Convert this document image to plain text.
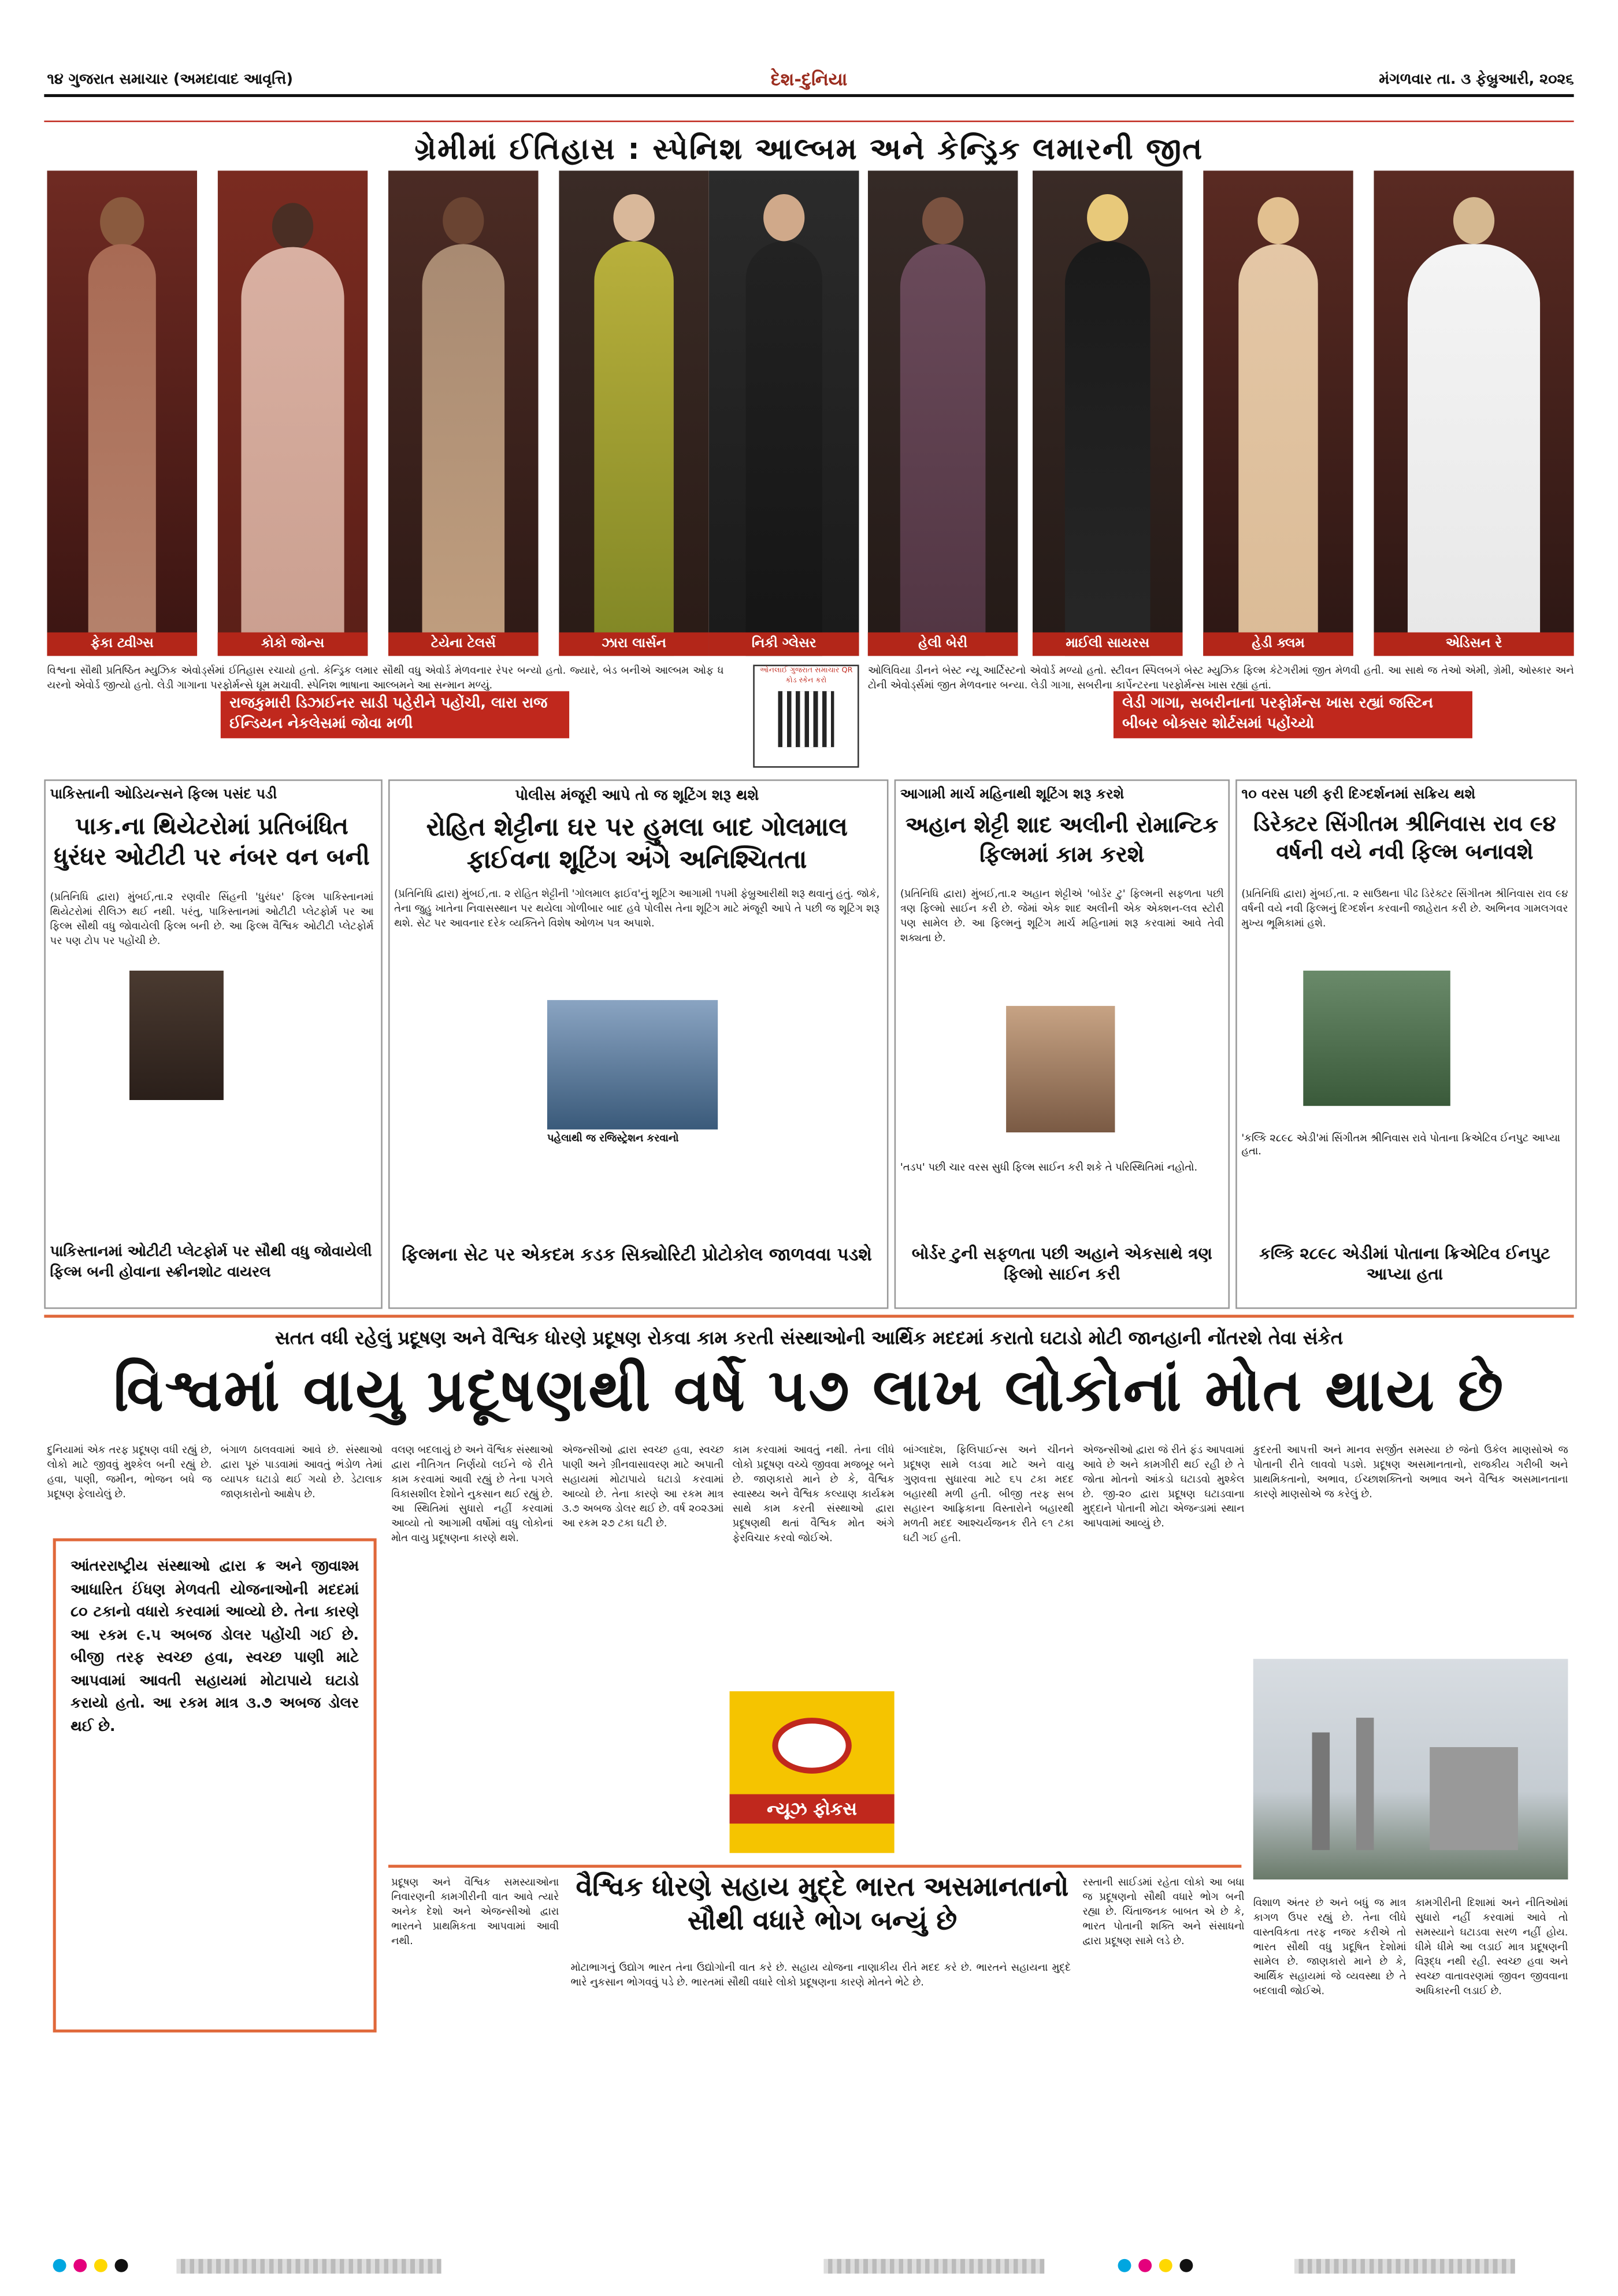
૧૪ ગુજરાત સમાચાર (અમદાવાદ આવૃત્તિ)	દેશ-દુનિયા	મંગળવાર તા. ૩ ફેબ્રુઆરી, ૨૦૨૬
ગ્રેમીમાં ઈતિહાસ : સ્પેનિશ આલ્બમ અને કેન્ડ્રિક લમારની જીત
ફેકા ટ્વીગ્સ	કોકો જોન્સ	ટેયેના ટેલર્સ	ઝારા લાર્સન	નિકી ગ્લેસર	હેલી બેરી	માઈલી સાયરસ	હેડી ક્લમ	એડિસન રે
વિશ્વના સૌથી પ્રતિષ્ઠિત મ્યુઝિક એવોર્ડ્સમાં ઈતિહાસ રચાયો હતો. કેન્ડ્રિક લમાર સૌથી વધુ એવોર્ડ મેળવનાર રેપર બન્યો હતો. જ્યારે, બેડ બનીએ આલ્બમ ઓફ ધ યરનો એવોર્ડ જીત્યો હતો. લેડી ગાગાના પરફોર્મન્સે ધૂમ મચાવી. સ્પેનિશ ભાષાના આલ્બમને આ સન્માન મળ્યું.
રાજકુમારી ડિઝાઈનર સાડી પહેરીને પહોંચી, લારા રાજ ઈન્ડિયન નેકલેસમાં જોવા મળી
ઓનલાઈ ગુજરાત સમાચાર QR કોડ સ્કેન કરો
ઓલિવિયા ડીનને બેસ્ટ ન્યૂ આર્ટિસ્ટનો એવોર્ડ મળ્યો હતો. સ્ટીવન સ્પિલબર્ગે બેસ્ટ મ્યુઝિક ફિલ્મ કેટેગરીમાં જીત મેળવી હતી. આ સાથે જ તેઓ એમી, ગ્રેમી, ઓસ્કાર અને ટોની એવોર્ડ્સમાં જીત મેળવનાર બન્યા. લેડી ગાગા, સબરીના કાર્પેન્ટરના પરફોર્મન્સ ખાસ રહ્યાં હતાં.
લેડી ગાગા, સબરીનાના પરફોર્મન્સ ખાસ રહ્યાં જસ્ટિન બીબર બોક્સર શોર્ટસમાં પહોંચ્યો
પાકિસ્તાની ઓડિયન્સને ફિલ્મ પસંદ પડી
પાક.ના થિયેટરોમાં પ્રતિબંધિત ધુરંધર ઓટીટી પર નંબર વન બની
(પ્રતિનિધિ દ્વારા) મુંબઈ,તા.૨ રણવીર સિંહની 'ધુરંધર' ફિલ્મ પાકિસ્તાનમાં થિયેટરોમાં રીલિઝ થઈ નથી. પરંતુ, પાકિસ્તાનમાં ઓટીટી પ્લેટફોર્મ પર આ ફિલ્મ સૌથી વધુ જોવાયેલી ફિલ્મ બની છે. આ ફિલ્મ વૈશ્વિક ઓટીટી પ્લેટફોર્મ પર પણ ટોપ પર પહોંચી છે.
પાકિસ્તાનમાં ઓટીટી પ્લેટફોર્મ પર સૌથી વધુ જોવાયેલી ફિલ્મ બની હોવાના સ્ક્રીનશોટ વાયરલ
પોલીસ મંજૂરી આપે તો જ શૂટિંગ શરૂ થશે
રોહિત શેટ્ટીના ઘર પર હુમલા બાદ ગોલમાલ ફાઈવના શૂટિંગ અંગે અનિશ્ચિતતા
(પ્રતિનિધિ દ્વારા) મુંબઈ,તા. ૨ રોહિત શેટ્ટીની 'ગોલમાલ ફાઈવ'નું શૂટિંગ આગામી ૧૫મી ફેબ્રુઆરીથી શરૂ થવાનું હતું. જોકે, તેના જુહુ ખાતેના નિવાસસ્થાન પર થયેલા ગોળીબાર બાદ હવે પોલીસ તેના શૂટિંગ માટે મંજૂરી આપે તે પછી જ શૂટિંગ શરૂ થશે. સેટ પર આવનાર દરેક વ્યક્તિને વિશેષ ઓળખ પત્ર અપાશે.
પહેલાથી જ રજિસ્ટ્રેશન કરવાનો
ફિલ્મના સેટ પર એકદમ કડક સિક્યોરિટી પ્રોટોકોલ જાળવવા પડશે
આગામી માર્ચ મહિનાથી શૂટિંગ શરૂ કરશે
અહાન શેટ્ટી શાદ અલીની રોમાન્ટિક ફિલ્મમાં કામ કરશે
(પ્રતિનિધિ દ્વારા) મુંબઈ,તા.૨ અહાન શેટ્ટીએ 'બોર્ડર ટુ' ફિલ્મની સફળતા પછી ત્રણ ફિલ્મો સાઈન કરી છે. જેમાં એક શાદ અલીની એક એક્શન-લવ સ્ટોરી પણ સામેલ છે. આ ફિલ્મનું શૂટિંગ માર્ચ મહિનામાં શરૂ કરવામાં આવે તેવી શક્યતા છે.
'તડપ' પછી ચાર વરસ સુધી ફિલ્મ સાઈન કરી શકે તે પરિસ્થિતિમાં નહોતો.
બોર્ડર ટુની સફળતા પછી અહાને એકસાથે ત્રણ ફિલ્મો સાઈન કરી
૧૦ વરસ પછી ફરી દિગ્દર્શનમાં સક્રિય થશે
ડિરેક્ટર સિંગીતમ શ્રીનિવાસ રાવ ૯૪ વર્ષની વયે નવી ફિલ્મ બનાવશે
(પ્રતિનિધિ દ્વારા) મુંબઈ,તા. ૨ સાઉથના પીઢ ડિરેક્ટર સિંગીતમ શ્રીનિવાસ રાવ ૯૪ વર્ષની વયે નવી ફિલ્મનું દિગ્દર્શન કરવાની જાહેરાત કરી છે. અભિનવ ગામલગવર મુખ્ય ભૂમિકામાં હશે.
'કલ્કિ ૨૮૯૮ એડી'માં સિંગીતમ શ્રીનિવાસ રાવે પોતાના ક્રિએટિવ ઈનપુટ આપ્યા હતા.
કલ્કિ ૨૮૯૮ એડીમાં પોતાના ક્રિએટિવ ઈનપુટ આપ્યા હતા
સતત વધી રહેલું પ્રદૂષણ અને વૈશ્વિક ધોરણે પ્રદૂષણ રોકવા કામ કરતી સંસ્થાઓની આર્થિક મદદમાં કરાતો ઘટાડો મોટી જાનહાની નોંતરશે તેવા સંકેત
વિશ્વમાં વાયુ પ્રદૂષણથી વર્ષે ૫૭ લાખ લોકોનાં મોત થાય છે
દુનિયામાં એક તરફ પ્રદૂષણ વધી રહ્યું છે, લોકો માટે જીવવું મુશ્કેલ બની રહ્યું છે. હવા, પાણી, જમીન, ભોજન બધે જ પ્રદૂષણ ફેલાયેલું છે.
બંગાળ ઠાલવવામાં આવે છે. સંસ્થાઓ દ્વારા પૂરું પાડવામાં આવતું ભંડોળ તેમાં વ્યાપક ઘટાડો થઈ ગયો છે. ડેટાલાક જાણકારોનો આક્ષેપ છે.
આંતરરાષ્ટ્રીય સંસ્થાઓ દ્વારા ક્ર અને જીવાશ્મ આધારિત ઈંધણ મેળવતી યોજનાઓની મદદમાં ૮૦ ટકાનો વધારો કરવામાં આવ્યો છે. તેના કારણે આ રકમ ૯.૫ અબજ ડોલર પહોંચી ગઈ છે. બીજી તરફ સ્વચ્છ હવા, સ્વચ્છ પાણી માટે આપવામાં આવતી સહાયમાં મોટાપાયે ઘટાડો કરાયો હતો. આ રકમ માત્ર ૩.૭ અબજ ડોલર થઈ છે.
વલણ બદલાયું છે અને વૈશ્વિક સંસ્થાઓ દ્વારા નીતિગત નિર્ણયો લઈને જે રીતે કામ કરવામાં આવી રહ્યું છે તેના પગલે વિકાસશીલ દેશોને નુકસાન થઈ રહ્યું છે. આ સ્થિતિમાં સુધારો નહીં કરવામાં આવ્યો તો આગામી વર્ષોમાં વધુ લોકોનાં મોત વાયુ પ્રદૂષણના કારણે થશે.
એજન્સીઓ દ્વારા સ્વચ્છ હવા, સ્વચ્છ પાણી અને ગ્રીનવાસાવરણ માટે અપાતી સહાયમાં મોટાપાયે ઘટાડો કરવામાં આવ્યો છે. તેના કારણે આ રકમ માત્ર ૩.૭ અબજ ડોલર થઈ છે. વર્ષ ૨૦૨૩માં આ રકમ ૨૭ ટકા ઘટી છે.
કામ કરવામાં આવતું નથી. તેના લીધે લોકો પ્રદૂષણ વચ્ચે જીવવા મજબૂર બને છે. જાણકારો માને છે કે, વૈશ્વિક સ્વાસ્થ્ય અને વૈશ્વિક કલ્યાણ કાર્યક્રમ સાથે કામ કરતી સંસ્થાઓ દ્વારા પ્રદૂષણથી થતાં વૈશ્વિક મોત અંગે ફેરવિચાર કરવો જોઈએ.
બાંગ્લાદેશ, ફિલિપાઈન્સ અને ચીનને પ્રદૂષણ સામે લડવા માટે અને વાયુ ગુણવત્તા સુધારવા માટે ૬૫ ટકા મદદ બહારથી મળી હતી. બીજી તરફ સબ સહારન આફ્રિકાના વિસ્તારોને બહારથી મળતી મદદ આશ્ચર્યજનક રીતે ૯૧ ટકા ઘટી ગઈ હતી.
એજન્સીઓ દ્વારા જે રીતે ફંડ આપવામાં આવે છે અને કામગીરી થઈ રહી છે તે જોતા મોતનો આંકડો ઘટાડવો મુશ્કેલ છે. જી-૨૦ દ્વારા પ્રદૂષણ ઘટાડવાના મુદ્દાને પોતાની મોટા એજન્ડામાં સ્થાન આપવામાં આવ્યું છે.
કુદરતી આપત્તી અને માનવ સર્જીત સમસ્યા છે જેનો ઉકેલ માણસોએ જ પોતાની રીતે લાવવો પડશે. પ્રદૂષણ અસમાનતાનો, રાજકીય ગરીબી અને પ્રાથમિકતાનો, અભાવ, ઈચ્છાશક્તિનો અભાવ અને વૈશ્વિક અસમાનતાના કારણે માણસોએ જ કરેલું છે.
ન્યૂઝ ફોકસ
વૈશ્વિક ધોરણે સહાય મુદ્દે ભારત અસમાનતાનો સૌથી વધારે ભોગ બન્યું છે
પ્રદૂષણ અને વૈશ્વિક સમસ્યાઓના નિવારણની કામગીરીની વાત આવે ત્યારે અનેક દેશો અને એજન્સીઓ દ્વારા ભારતને પ્રાથમિકતા આપવામાં આવી નથી.
મોટાભાગનું ઉદ્યોગ ભારત તેના ઉદ્યોગોની વાત કરે છે. સહાય યોજના નાણાકીય રીતે મદદ કરે છે. ભારતને સહાયના મુદ્દે ભારે નુકસાન ભોગવવું પડે છે. ભારતમાં સૌથી વધારે લોકો પ્રદૂષણના કારણે મોતને ભેટે છે.
રસ્તાની સાઈડમાં રહેતા લોકો આ બધા જ પ્રદૂષણનો સૌથી વધારે ભોગ બની રહ્યા છે. ચિંતાજનક બાબત એ છે કે, ભારત પોતાની શક્તિ અને સંસાધનો દ્વારા પ્રદૂષણ સામે લડે છે.
વિશાળ અંતર છે અને બધું જ માત્ર કાગળ ઉપર રહ્યું છે. તેના લીધે વાસ્તવિકતા તરફ નજર કરીએ તો ભારત સૌથી વધુ પ્રદૂષિત દેશોમાં સામેલ છે. જાણકારો માને છે કે, આર્થિક સહાયમાં જે વ્યવસ્થા છે તે બદલાવી જોઈએ.
કામગીરીની દિશામાં અને નીતિઓમાં સુધારો નહીં કરવામાં આવે તો સમસ્યાને ઘટાડવા સરળ નહીં હોય. ધીમે ધીમે આ લડાઈ માત્ર પ્રદૂષણની વિરૂદ્ધ નથી રહી. સ્વચ્છ હવા અને સ્વચ્છ વાતાવરણમાં જીવન જીવવાના અધિકારની લડાઈ છે.
